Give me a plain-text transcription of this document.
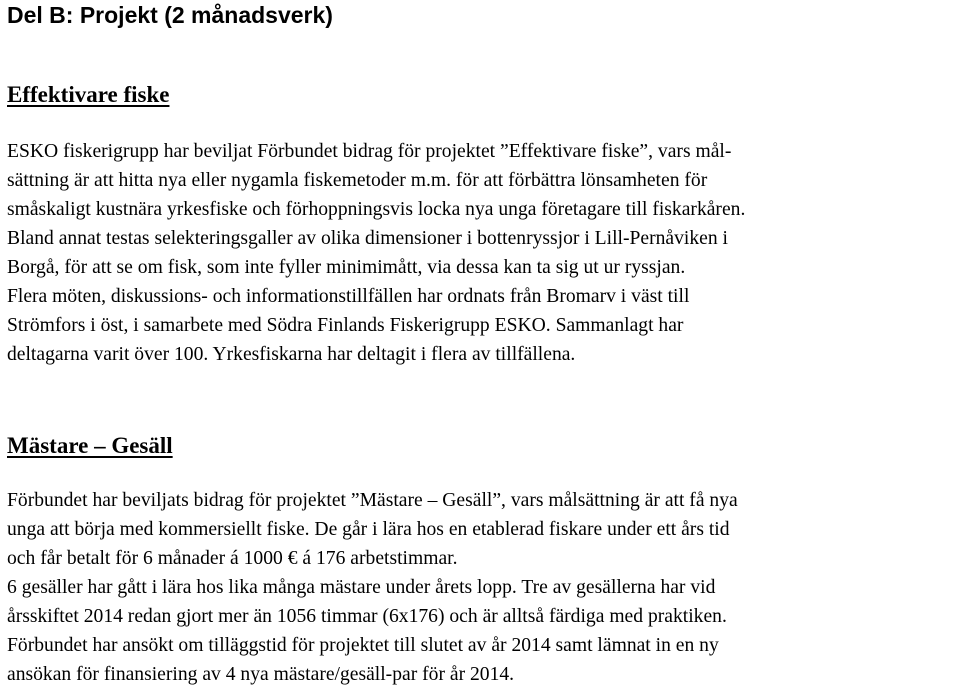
Del B: Projekt (2 månadsverk)
Effektivare fiske

ESKO fiskerigrupp har beviljat Förbundet bidrag för projektet ”Effektivare fiske”, vars mål-
sättning är att hitta nya eller nygamla fiskemetoder m.m. för att förbättra lönsamheten för
småskaligt kustnära yrkesfiske och förhoppningsvis locka nya unga företagare till fiskarkåren.
Bland annat testas selekteringsgaller av olika dimensioner i bottenryssjor i Lill-Pernåviken i
Borgå, för att se om fisk, som inte fyller minimimått, via dessa kan ta sig ut ur ryssjan.
Flera möten, diskussions- och informationstillfällen har ordnats från Bromarv i väst till
Strömfors i öst, i samarbete med Södra Finlands Fiskerigrupp ESKO. Sammanlagt har
deltagarna varit över 100. Yrkesfiskarna har deltagit i flera av tillfällena.

Mästare – Gesäll

Förbundet har beviljats bidrag för projektet ”Mästare – Gesäll”, vars målsättning är att få nya
unga att börja med kommersiellt fiske. De går i lära hos en etablerad fiskare under ett års tid
och får betalt för 6 månader á 1000 € á 176 arbetstimmar.
6 gesäller har gått i lära hos lika många mästare under årets lopp. Tre av gesällerna har vid
årsskiftet 2014 redan gjort mer än 1056 timmar (6x176) och är alltså färdiga med praktiken.
Förbundet har ansökt om tilläggstid för projektet till slutet av år 2014 samt lämnat in en ny
ansökan för finansiering av 4 nya mästare/gesäll-par för år 2014.
